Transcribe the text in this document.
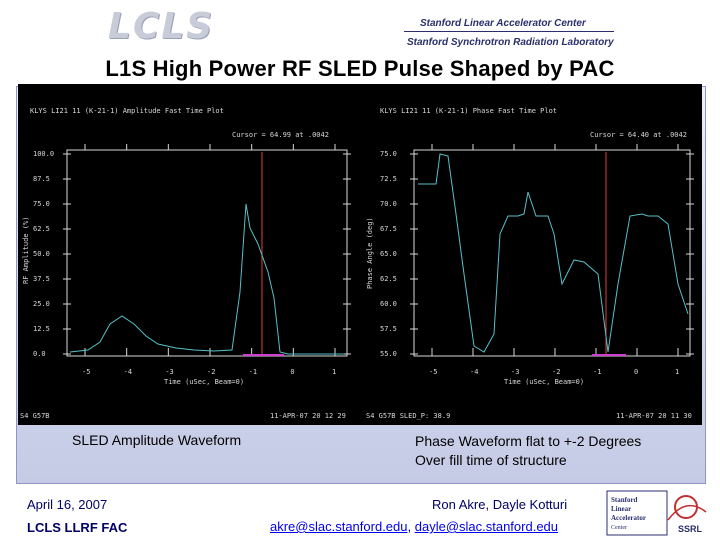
LCLS	Stanford Linear Accelerator Center
Stanford Synchrotron Radiation Laboratory
L1S High Power RF SLED Pulse Shaped by PAC
KLYS LI21 11 (K-21-1) Amplitude Fast Time Plot
Cursor = 64.99 at .0042
100.0
87.5
75.0
62.5
50.0
37.5
25.0
12.5
0.0
-5	-4	-3	-2	-1	0	1
RF Amplitude (%)
Time (uSec, Beam=0)
S4 G57B	11-APR-07 20 12 29
KLYS LI21 11 (K-21-1) Phase Fast Time Plot
Cursor = 64.40 at .0042
75.0
72.5
70.0
67.5
65.0
62.5
60.0
57.5
55.0
-5	-4	-3	-2	-1	0	1
Phase Angle (deg)
Time (uSec, Beam=0)
S4 G57B SLED_P: 38.9	11-APR-07 20 11 30
SLED Amplitude Waveform	Phase Waveform flat to +-2 Degrees
Over fill time of structure
April 16, 2007
LCLS LLRF FAC
Ron Akre, Dayle Kotturi
akre@slac.stanford.edu, dayle@slac.stanford.edu
Stanford
Linear
Accelerator
Center	SSRL
